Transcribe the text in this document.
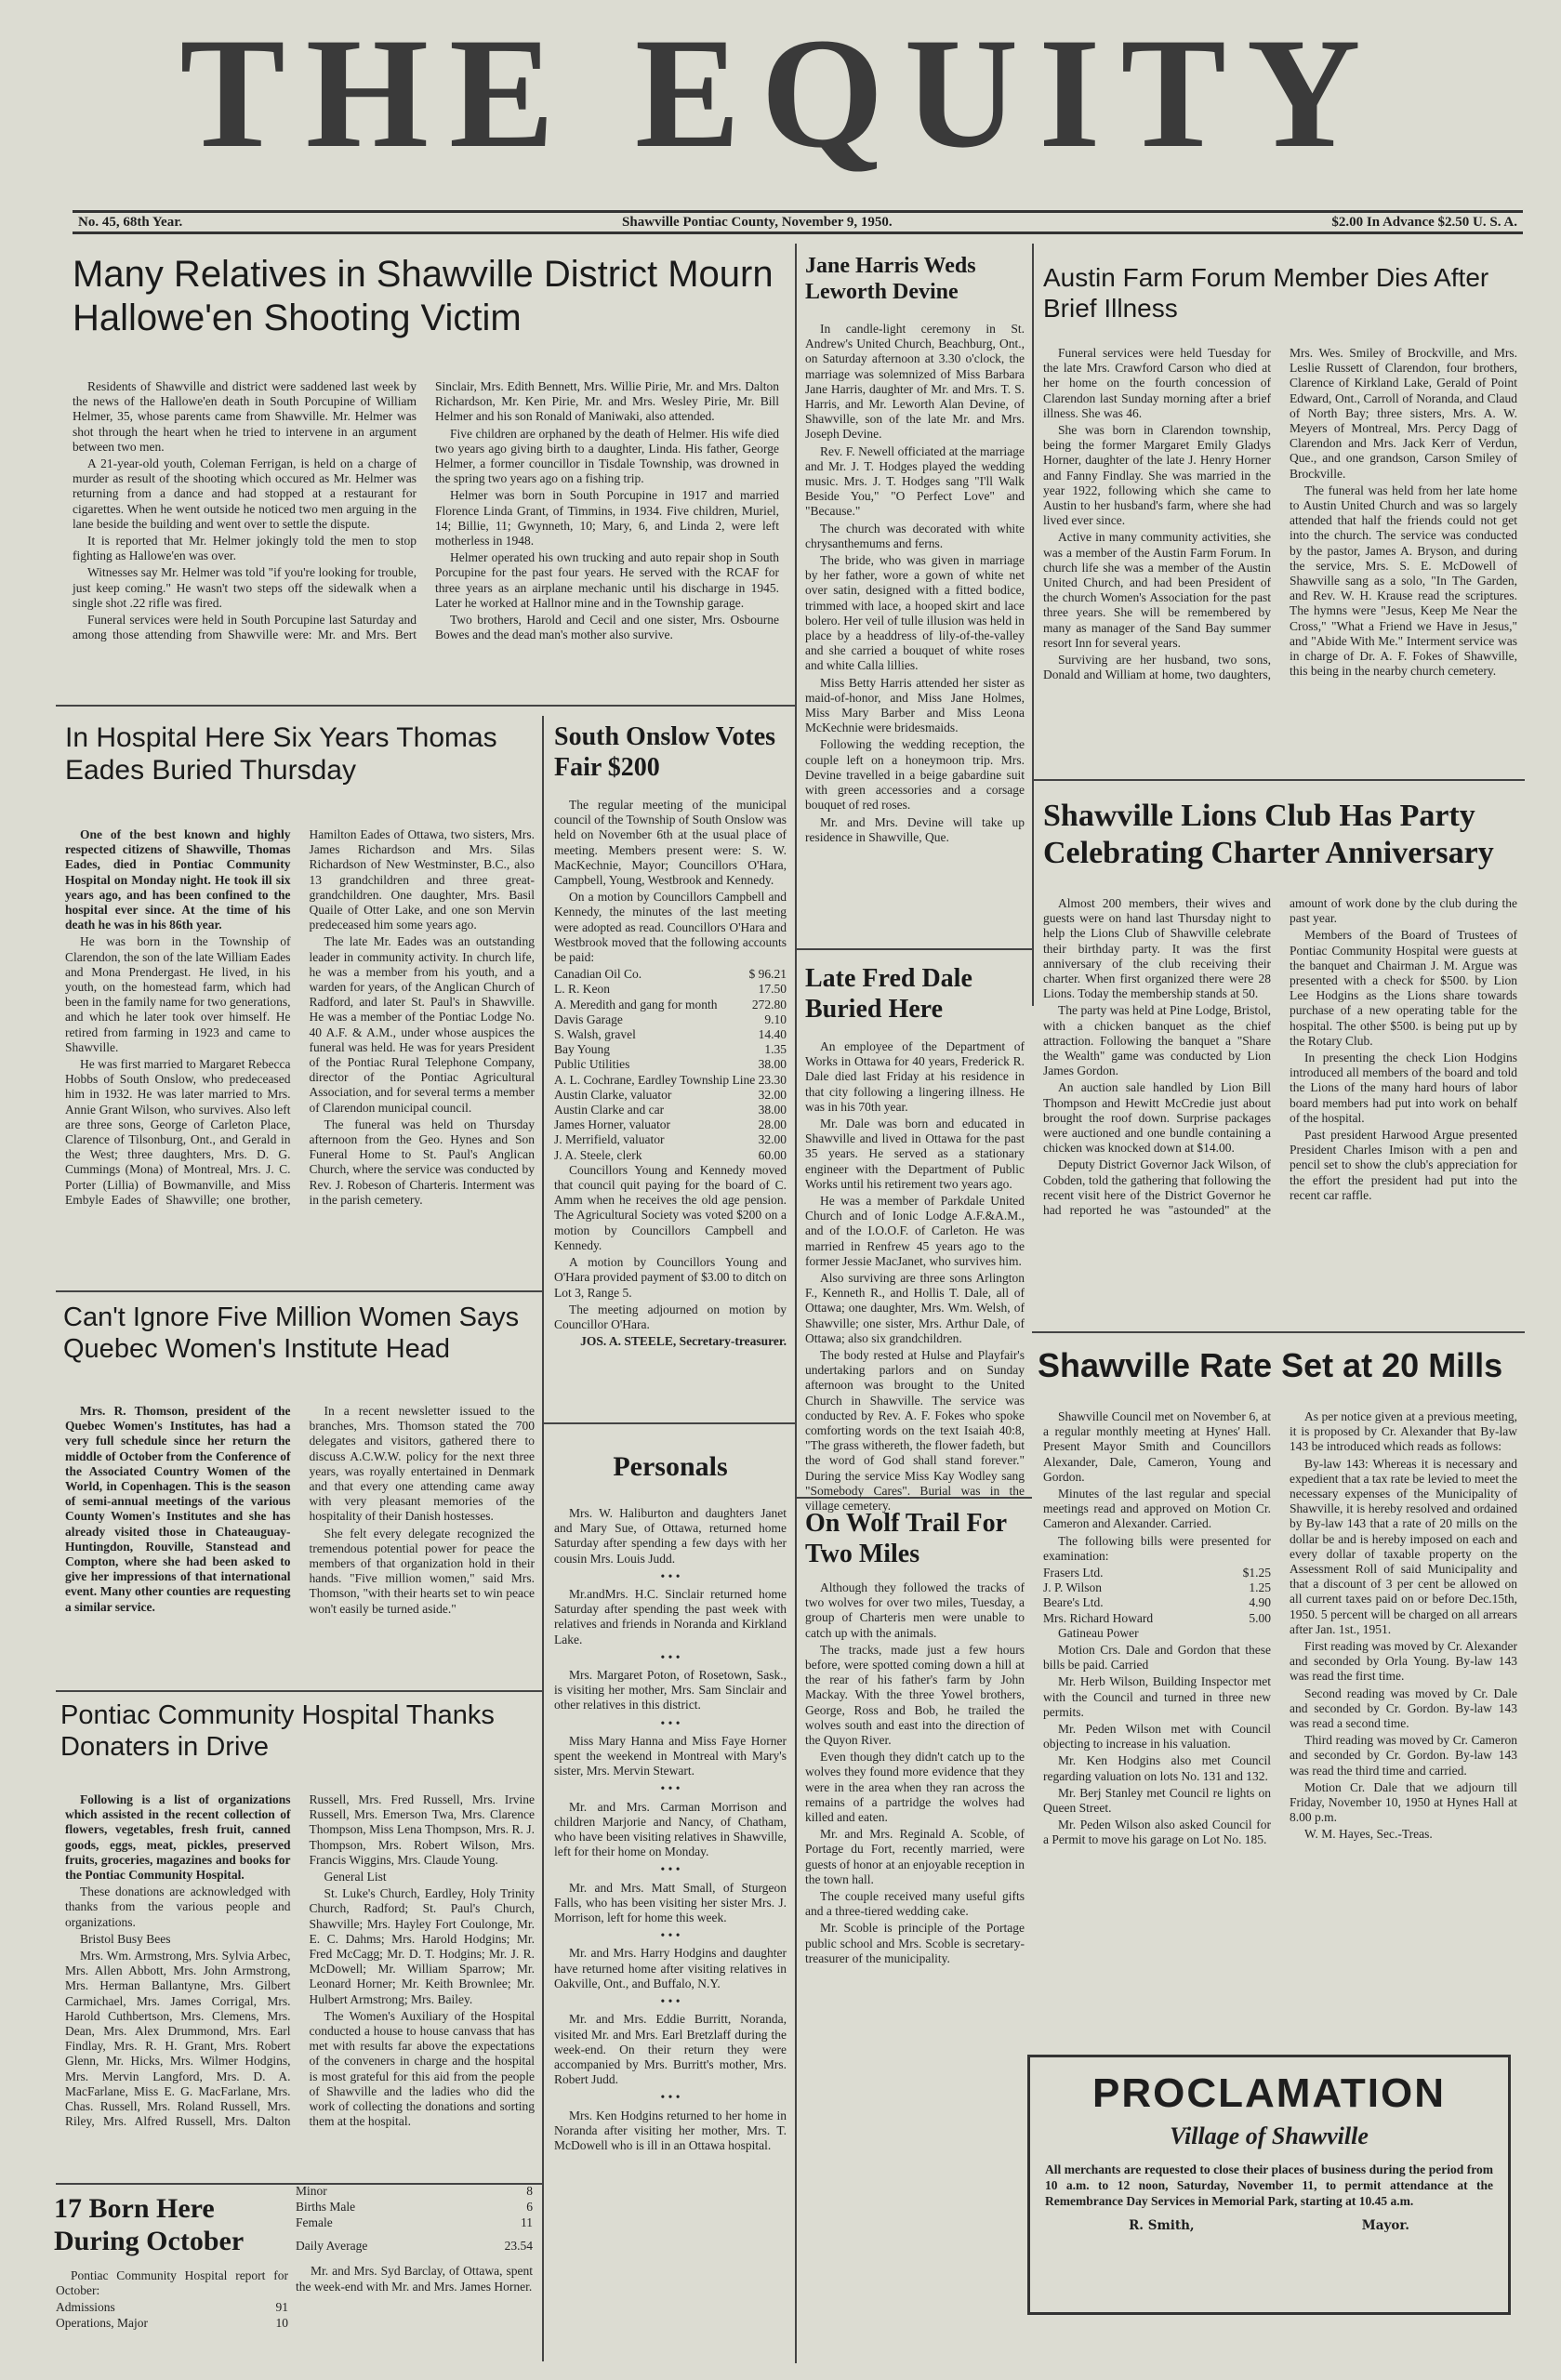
THE EQUITY
No. 45, 68th Year.	Shawville Pontiac County, November 9, 1950.	$2.00 In Advance $2.50 U. S. A.
Many Relatives in Shawville District Mourn Hallowe'en Shooting Victim

Residents of Shawville and district were saddened last week by the news of the Hallowe'en death in South Porcupine of William Helmer, 35, whose parents came from Shawville. Mr. Helmer was shot through the heart when he tried to intervene in an argument between two men.

A 21-year-old youth, Coleman Ferrigan, is held on a charge of murder as result of the shooting which occured as Mr. Helmer was returning from a dance and had stopped at a restaurant for cigarettes. When he went outside he noticed two men arguing in the lane beside the building and went over to settle the dispute.

It is reported that Mr. Helmer jokingly told the men to stop fighting as Hallowe'en was over.

Witnesses say Mr. Helmer was told "if you're looking for trouble, just keep coming." He wasn't two steps off the sidewalk when a single shot .22 rifle was fired.

Funeral services were held in South Porcupine last Saturday and among those attending from Shawville were: Mr. and Mrs. Bert Sinclair, Mrs. Edith Bennett, Mrs. Willie Pirie, Mr. and Mrs. Dalton Richardson, Mr. Ken Pirie, Mr. and Mrs. Wesley Pirie, Mr. Bill Helmer and his son Ronald of Maniwaki, also attended.

Five children are orphaned by the death of Helmer. His wife died two years ago giving birth to a daughter, Linda. His father, George Helmer, a former councillor in Tisdale Township, was drowned in the spring two years ago on a fishing trip.

Helmer was born in South Porcupine in 1917 and married Florence Linda Grant, of Timmins, in 1934. Five children, Muriel, 14; Billie, 11; Gwynneth, 10; Mary, 6, and Linda 2, were left motherless in 1948.

Helmer operated his own trucking and auto repair shop in South Porcupine for the past four years. He served with the RCAF for three years as an airplane mechanic until his discharge in 1945. Later he worked at Hallnor mine and in the Township garage.

Two brothers, Harold and Cecil and one sister, Mrs. Osbourne Bowes and the dead man's mother also survive.

In Hospital Here Six Years Thomas Eades Buried Thursday

One of the best known and highly respected citizens of Shawville, Thomas Eades, died in Pontiac Community Hospital on Monday night. He took ill six years ago, and has been confined to the hospital ever since. At the time of his death he was in his 86th year.

He was born in the Township of Clarendon, the son of the late William Eades and Mona Prendergast. He lived, in his youth, on the homestead farm, which had been in the family name for two generations, and which he later took over himself. He retired from farming in 1923 and came to Shawville.

He was first married to Margaret Rebecca Hobbs of South Onslow, who predeceased him in 1932. He was later married to Mrs. Annie Grant Wilson, who survives. Also left are three sons, George of Carleton Place, Clarence of Tilsonburg, Ont., and Gerald in the West; three daughters, Mrs. D. G. Cummings (Mona) of Montreal, Mrs. J. C. Porter (Lillia) of Bowmanville, and Miss Embyle Eades of Shawville; one brother, Hamilton Eades of Ottawa, two sisters, Mrs. James Richardson and Mrs. Silas Richardson of New Westminster, B.C., also 13 grandchildren and three great-grandchildren. One daughter, Mrs. Basil Quaile of Otter Lake, and one son Mervin predeceased him some years ago.

The late Mr. Eades was an outstanding leader in community activity. In church life, he was a member from his youth, and a warden for years, of the Anglican Church of Radford, and later St. Paul's in Shawville. He was a member of the Pontiac Lodge No. 40 A.F. & A.M., under whose auspices the funeral was held. He was for years President of the Pontiac Rural Telephone Company, director of the Pontiac Agricultural Association, and for several terms a member of Clarendon municipal council.

The funeral was held on Thursday afternoon from the Geo. Hynes and Son Funeral Home to St. Paul's Anglican Church, where the service was conducted by Rev. J. Robeson of Charteris. Interment was in the parish cemetery.

Can't Ignore Five Million Women Says Quebec Women's Institute Head

Mrs. R. Thomson, president of the Quebec Women's Institutes, has had a very full schedule since her return the middle of October from the Conference of the Associated Country Women of the World, in Copenhagen. This is the season of semi-annual meetings of the various County Women's Institutes and she has already visited those in Chateauguay-Huntingdon, Rouville, Stanstead and Compton, where she had been asked to give her impressions of that international event. Many other counties are requesting a similar service.

In a recent newsletter issued to the branches, Mrs. Thomson stated the 700 delegates and visitors, gathered there to discuss A.C.W.W. policy for the next three years, was royally entertained in Denmark and that every one attending came away with very pleasant memories of the hospitality of their Danish hostesses.

She felt every delegate recognized the tremendous potential power for peace the members of that organization hold in their hands. "Five million women," said Mrs. Thomson, "with their hearts set to win peace won't easily be turned aside."

Pontiac Community Hospital Thanks Donaters in Drive

Following is a list of organizations which assisted in the recent collection of flowers, vegetables, fresh fruit, canned goods, eggs, meat, pickles, preserved fruits, groceries, magazines and books for the Pontiac Community Hospital.

These donations are acknowledged with thanks from the various people and organizations.

Bristol Busy Bees

Mrs. Wm. Armstrong, Mrs. Sylvia Arbec, Mrs. Allen Abbott, Mrs. John Armstrong, Mrs. Herman Ballantyne, Mrs. Gilbert Carmichael, Mrs. James Corrigal, Mrs. Harold Cuthbertson, Mrs. Clemens, Mrs. Dean, Mrs. Alex Drummond, Mrs. Earl Findlay, Mrs. R. H. Grant, Mrs. Robert Glenn, Mr. Hicks, Mrs. Wilmer Hodgins, Mrs. Mervin Langford, Mrs. D. A. MacFarlane, Miss E. G. MacFarlane, Mrs. Chas. Russell, Mrs. Roland Russell, Mrs. Riley, Mrs. Alfred Russell, Mrs. Dalton Russell, Mrs. Fred Russell, Mrs. Irvine Russell, Mrs. Emerson Twa, Mrs. Clarence Thompson, Miss Lena Thompson, Mrs. R. J. Thompson, Mrs. Robert Wilson, Mrs. Francis Wiggins, Mrs. Claude Young.

General List

St. Luke's Church, Eardley, Holy Trinity Church, Radford; St. Paul's Church, Shawville; Mrs. Hayley Fort Coulonge, Mr. E. C. Dahms; Mrs. Harold Hodgins; Mr. Fred McCagg; Mr. D. T. Hodgins; Mr. J. R. McDowell; Mr. William Sparrow; Mr. Leonard Horner; Mr. Keith Brownlee; Mr. Hulbert Armstrong; Mrs. Bailey.

The Women's Auxiliary of the Hospital conducted a house to house canvass that has met with results far above the expectations of the conveners in charge and the hospital is most grateful for this aid from the people of Shawville and the ladies who did the work of collecting the donations and sorting them at the hospital.

17 Born Here During October

Pontiac Community Hospital report for October:

Admissions	91
Operations, Major	10
Minor	8
Births Male	6
Female	11
Daily Average	23.54

Mr. and Mrs. Syd Barclay, of Ottawa, spent the week-end with Mr. and Mrs. James Horner.

South Onslow Votes Fair $200

The regular meeting of the municipal council of the Township of South Onslow was held on November 6th at the usual place of meeting. Members present were: S. W. MacKechnie, Mayor; Councillors O'Hara, Campbell, Young, Westbrook and Kennedy.

On a motion by Councillors Campbell and Kennedy, the minutes of the last meeting were adopted as read. Councillors O'Hara and Westbrook moved that the following accounts be paid:

Canadian Oil Co.	$ 96.21
L. R. Keon	17.50
A. Meredith and gang for month	272.80
Davis Garage	9.10
S. Walsh, gravel	14.40
Bay Young	1.35
Public Utilities	38.00
A. L. Cochrane, Eardley Township Line 23.30
Austin Clarke, valuator	32.00
Austin Clarke and car	38.00
James Horner, valuator	28.00
J. Merrifield, valuator	32.00
J. A. Steele, clerk	60.00

Councillors Young and Kennedy moved that council quit paying for the board of C. Amm when he receives the old age pension. The Agricultural Society was voted $200 on a motion by Councillors Campbell and Kennedy.

A motion by Councillors Young and O'Hara provided payment of $3.00 to ditch on Lot 3, Range 5.

The meeting adjourned on motion by Councillor O'Hara.

JOS. A. STEELE, Secretary-treasurer.

Personals

Mrs. W. Haliburton and daughters Janet and Mary Sue, of Ottawa, returned home Saturday after spending a few days with her cousin Mrs. Louis Judd.

• • •

Mr.andMrs. H.C. Sinclair returned home Saturday after spending the past week with relatives and friends in Noranda and Kirkland Lake.

• • •

Mrs. Margaret Poton, of Rosetown, Sask., is visiting her mother, Mrs. Sam Sinclair and other relatives in this district.

• • •

Miss Mary Hanna and Miss Faye Horner spent the weekend in Montreal with Mary's sister, Mrs. Mervin Stewart.

• • •

Mr. and Mrs. Carman Morrison and children Marjorie and Nancy, of Chatham, who have been visiting relatives in Shawville, left for their home on Monday.

• • •

Mr. and Mrs. Matt Small, of Sturgeon Falls, who has been visiting her sister Mrs. J. Morrison, left for home this week.

• • •

Mr. and Mrs. Harry Hodgins and daughter have returned home after visiting relatives in Oakville, Ont., and Buffalo, N.Y.

• • •

Mr. and Mrs. Eddie Burritt, Noranda, visited Mr. and Mrs. Earl Bretzlaff during the week-end. On their return they were accompanied by Mrs. Burritt's mother, Mrs. Robert Judd.

• • •

Mrs. Ken Hodgins returned to her home in Noranda after visiting her mother, Mrs. T. McDowell who is ill in an Ottawa hospital.

Jane Harris Weds Leworth Devine

In candle-light ceremony in St. Andrew's United Church, Beachburg, Ont., on Saturday afternoon at 3.30 o'clock, the marriage was solemnized of Miss Barbara Jane Harris, daughter of Mr. and Mrs. T. S. Harris, and Mr. Leworth Alan Devine, of Shawville, son of the late Mr. and Mrs. Joseph Devine.

Rev. F. Newell officiated at the marriage and Mr. J. T. Hodges played the wedding music. Mrs. J. T. Hodges sang "I'll Walk Beside You," "O Perfect Love" and "Because."

The church was decorated with white chrysanthemums and ferns.

The bride, who was given in marriage by her father, wore a gown of white net over satin, designed with a fitted bodice, trimmed with lace, a hooped skirt and lace bolero. Her veil of tulle illusion was held in place by a headdress of lily-of-the-valley and she carried a bouquet of white roses and white Calla lillies.

Miss Betty Harris attended her sister as maid-of-honor, and Miss Jane Holmes, Miss Mary Barber and Miss Leona McKechnie were bridesmaids.

Following the wedding reception, the couple left on a honeymoon trip. Mrs. Devine travelled in a beige gabardine suit with green accessories and a corsage bouquet of red roses.

Mr. and Mrs. Devine will take up residence in Shawville, Que.

Late Fred Dale Buried Here

An employee of the Department of Works in Ottawa for 40 years, Frederick R. Dale died last Friday at his residence in that city following a lingering illness. He was in his 70th year.

Mr. Dale was born and educated in Shawville and lived in Ottawa for the past 35 years. He served as a stationary engineer with the Department of Public Works until his retirement two years ago.

He was a member of Parkdale United Church and of Ionic Lodge A.F.&A.M., and of the I.O.O.F. of Carleton. He was married in Renfrew 45 years ago to the former Jessie MacJanet, who survives him.

Also surviving are three sons Arlington F., Kenneth R., and Hollis T. Dale, all of Ottawa; one daughter, Mrs. Wm. Welsh, of Shawville; one sister, Mrs. Arthur Dale, of Ottawa; also six grandchildren.

The body rested at Hulse and Playfair's undertaking parlors and on Sunday afternoon was brought to the United Church in Shawville. The service was conducted by Rev. A. F. Fokes who spoke comforting words on the text Isaiah 40:8, "The grass withereth, the flower fadeth, but the word of God shall stand forever." During the service Miss Kay Wodley sang "Somebody Cares". Burial was in the village cemetery.

On Wolf Trail For Two Miles

Although they followed the tracks of two wolves for over two miles, Tuesday, a group of Charteris men were unable to catch up with the animals.

The tracks, made just a few hours before, were spotted coming down a hill at the rear of his father's farm by John Mackay. With the three Yowel brothers, George, Ross and Bob, he trailed the wolves south and east into the direction of the Quyon River.

Even though they didn't catch up to the wolves they found more evidence that they were in the area when they ran across the remains of a partridge the wolves had killed and eaten.

Mr. and Mrs. Reginald A. Scoble, of Portage du Fort, recently married, were guests of honor at an enjoyable reception in the town hall.

The couple received many useful gifts and a three-tiered wedding cake.

Mr. Scoble is principle of the Portage public school and Mrs. Scoble is secretary-treasurer of the municipality.

Austin Farm Forum Member Dies After Brief Illness

Funeral services were held Tuesday for the late Mrs. Crawford Carson who died at her home on the fourth concession of Clarendon last Sunday morning after a brief illness. She was 46.

She was born in Clarendon township, being the former Margaret Emily Gladys Horner, daughter of the late J. Henry Horner and Fanny Findlay. She was married in the year 1922, following which she came to Austin to her husband's farm, where she had lived ever since.

Active in many community activities, she was a member of the Austin Farm Forum. In church life she was a member of the Austin United Church, and had been President of the church Women's Association for the past three years. She will be remembered by many as manager of the Sand Bay summer resort Inn for several years.

Surviving are her husband, two sons, Donald and William at home, two daughters, Mrs. Wes. Smiley of Brockville, and Mrs. Leslie Russett of Clarendon, four brothers, Clarence of Kirkland Lake, Gerald of Point Edward, Ont., Carroll of Noranda, and Claud of North Bay; three sisters, Mrs. A. W. Meyers of Montreal, Mrs. Percy Dagg of Clarendon and Mrs. Jack Kerr of Verdun, Que., and one grandson, Carson Smiley of Brockville.

The funeral was held from her late home to Austin United Church and was so largely attended that half the friends could not get into the church. The service was conducted by the pastor, James A. Bryson, and during the service, Mrs. S. E. McDowell of Shawville sang as a solo, "In The Garden, and Rev. W. H. Krause read the scriptures. The hymns were "Jesus, Keep Me Near the Cross," "What a Friend we Have in Jesus," and "Abide With Me." Interment service was in charge of Dr. A. F. Fokes of Shawville, this being in the nearby church cemetery.

Shawville Lions Club Has Party Celebrating Charter Anniversary

Almost 200 members, their wives and guests were on hand last Thursday night to help the Lions Club of Shawville celebrate their birthday party. It was the first anniversary of the club receiving their charter. When first organized there were 28 Lions. Today the membership stands at 50.

The party was held at Pine Lodge, Bristol, with a chicken banquet as the chief attraction. Following the banquet a "Share the Wealth" game was conducted by Lion James Gordon.

An auction sale handled by Lion Bill Thompson and Hewitt McCredie just about brought the roof down. Surprise packages were auctioned and one bundle containing a chicken was knocked down at $14.00.

Deputy District Governor Jack Wilson, of Cobden, told the gathering that following the recent visit here of the District Governor he had reported he was "astounded" at the amount of work done by the club during the past year.

Members of the Board of Trustees of Pontiac Community Hospital were guests at the banquet and Chairman J. M. Argue was presented with a check for $500. by Lion Lee Hodgins as the Lions share towards purchase of a new operating table for the hospital. The other $500. is being put up by the Rotary Club.

In presenting the check Lion Hodgins introduced all members of the board and told the Lions of the many hard hours of labor board members had put into work on behalf of the hospital.

Past president Harwood Argue presented President Charles Imison with a pen and pencil set to show the club's appreciation for the effort the president had put into the recent car raffle.

Shawville Rate Set at 20 Mills

Shawville Council met on November 6, at a regular monthly meeting at Hynes' Hall. Present Mayor Smith and Councillors Alexander, Dale, Cameron, Young and Gordon.

Minutes of the last regular and special meetings read and approved on Motion Cr. Cameron and Alexander. Carried.

The following bills were presented for examination:

Frasers Ltd.	$1.25
J. P. Wilson	1.25
Beare's Ltd.	4.90
Mrs. Richard Howard	5.00

Gatineau Power

Motion Crs. Dale and Gordon that these bills be paid. Carried

Mr. Herb Wilson, Building Inspector met with the Council and turned in three new permits.

Mr. Peden Wilson met with Council objecting to increase in his valuation.

Mr. Ken Hodgins also met Council regarding valuation on lots No. 131 and 132.

Mr. Berj Stanley met Council re lights on Queen Street.

Mr. Peden Wilson also asked Council for a Permit to move his garage on Lot No. 185.

As per notice given at a previous meeting, it is proposed by Cr. Alexander that By-law 143 be introduced which reads as follows:

By-law 143: Whereas it is necessary and expedient that a tax rate be levied to meet the necessary expenses of the Municipality of Shawville, it is hereby resolved and ordained by By-law 143 that a rate of 20 mills on the dollar be and is hereby imposed on each and every dollar of taxable property on the Assessment Roll of said Municipality and that a discount of 3 per cent be allowed on all current taxes paid on or before Dec.15th, 1950. 5 percent will be charged on all arrears after Jan. 1st., 1951.

First reading was moved by Cr. Alexander and seconded by Orla Young. By-law 143 was read the first time.

Second reading was moved by Cr. Dale and seconded by Cr. Gordon. By-law 143 was read a second time.

Third reading was moved by Cr. Cameron and seconded by Cr. Gordon. By-law 143 was read the third time and carried.

Motion Cr. Dale that we adjourn till Friday, November 10, 1950 at Hynes Hall at 8.00 p.m.

W. M. Hayes, Sec.-Treas.

PROCLAMATION
Village of Shawville
All merchants are requested to close their places of business during the period from 10 a.m. to 12 noon, Saturday, November 11, to permit attendance at the Remembrance Day Services in Memorial Park, starting at 10.45 a.m.
R. Smith,	Mayor.
